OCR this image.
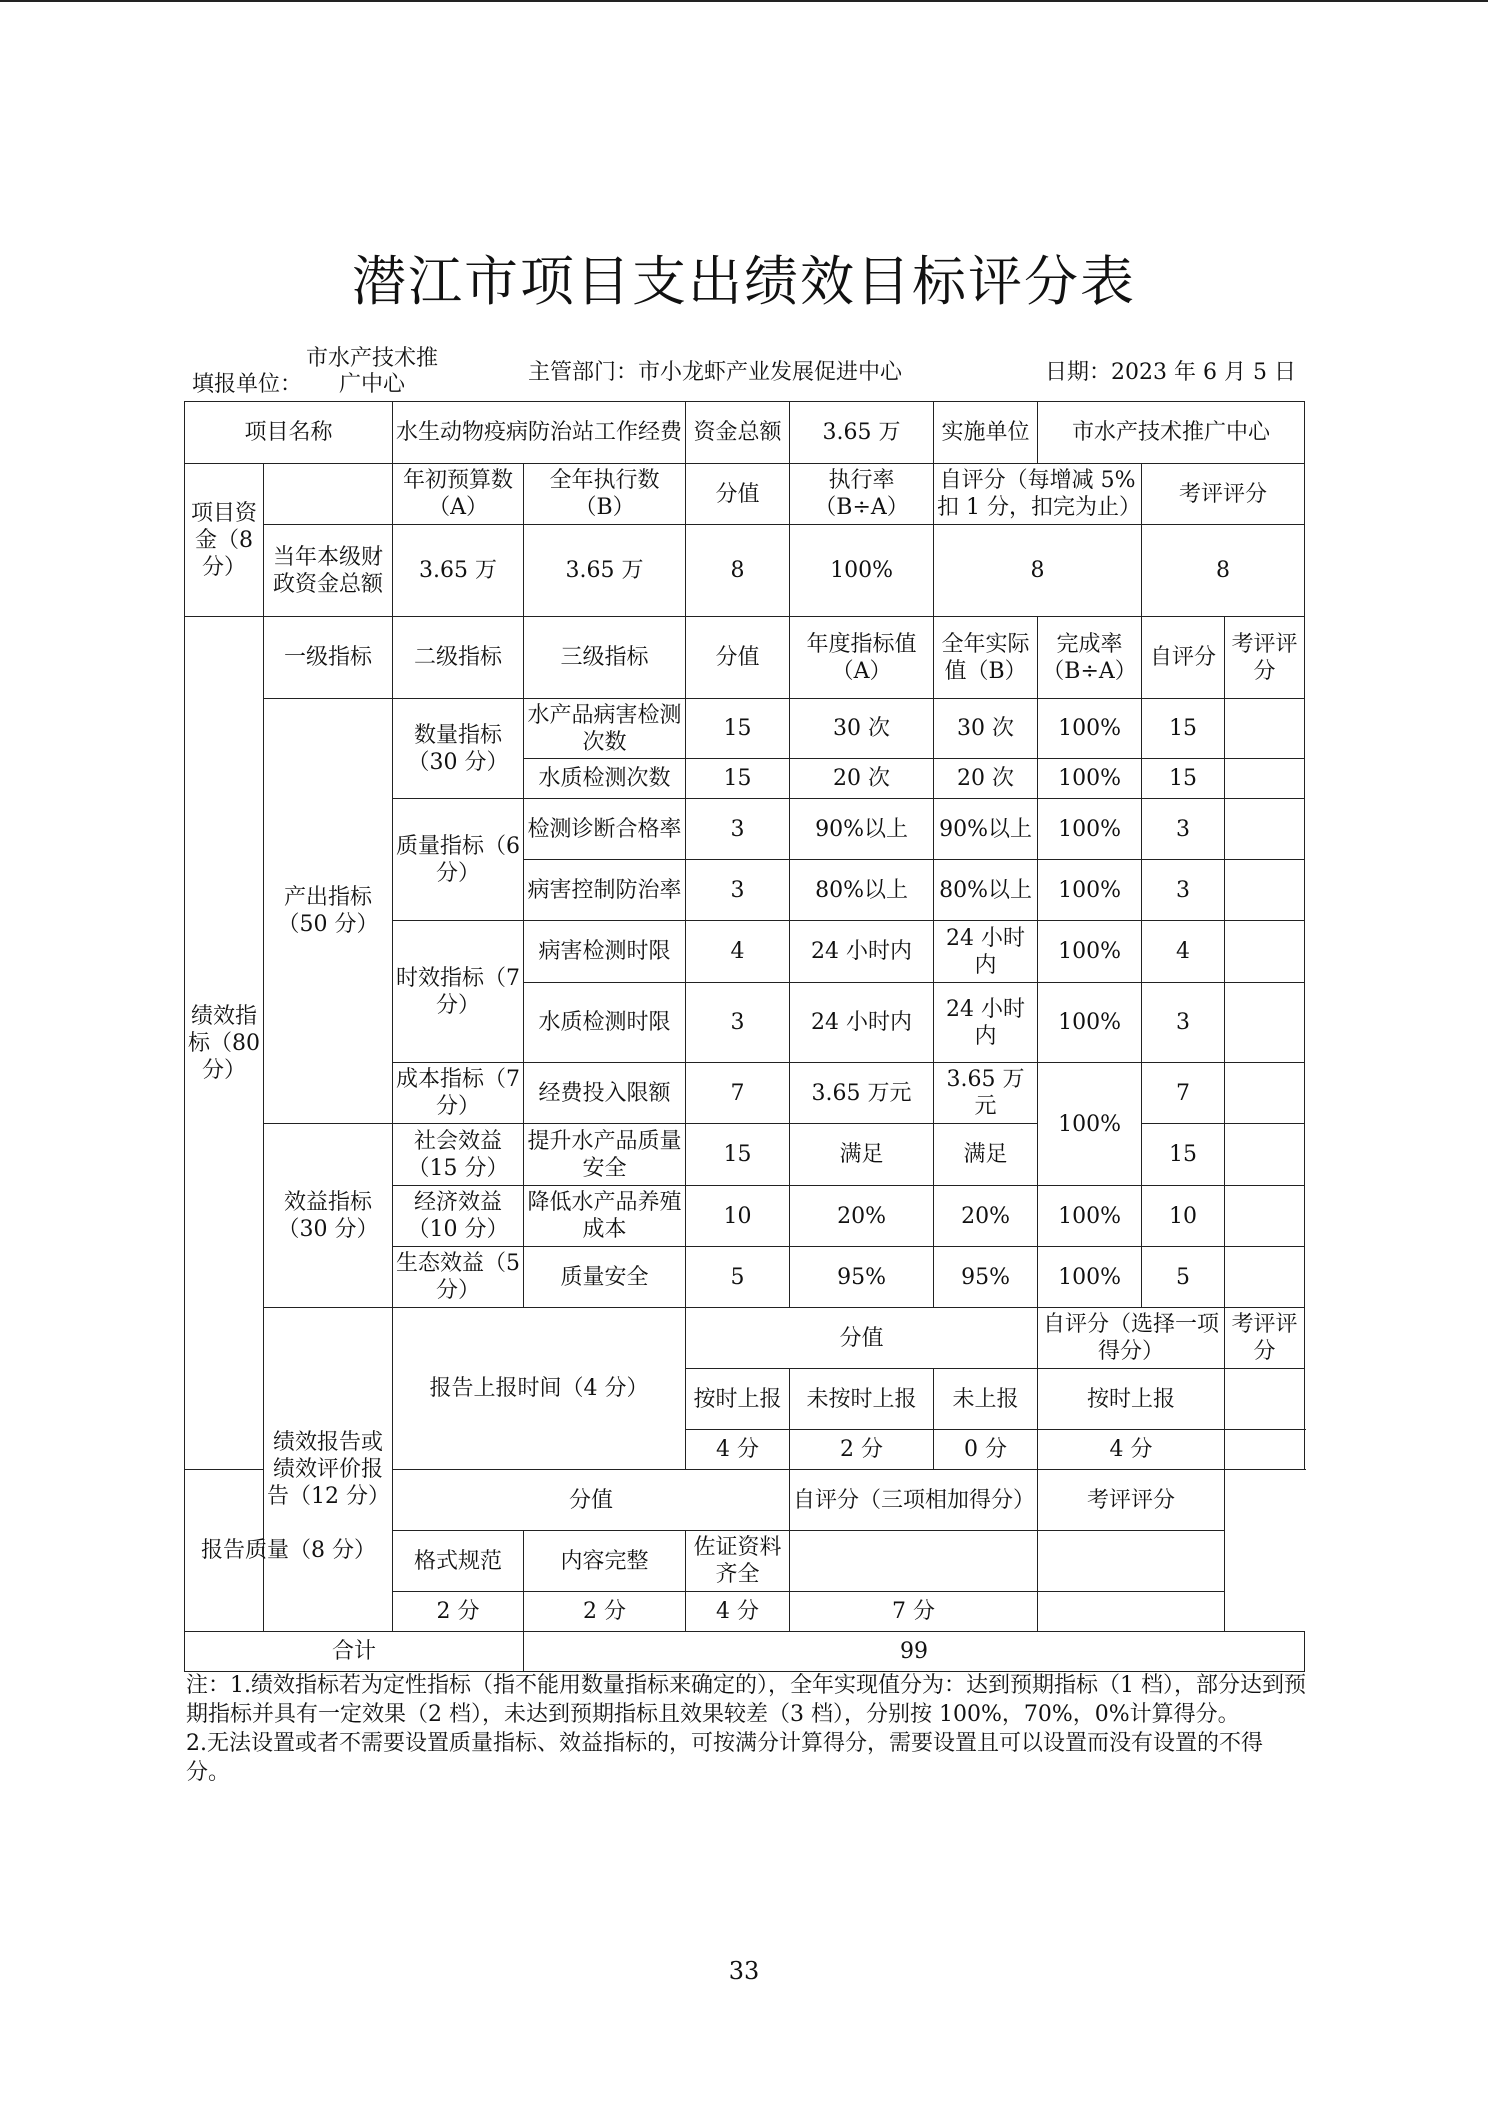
潜江市项目支出绩效目标评分表
填报单位：市水产技术推广中心	主管部门：市小龙虾产业发展促进中心	日期：2023 年 6 月 5 日
项目名称		水生动物疫病防治站工作经费		资金总额	3.65 万	实施单位	市水产技术推广中心			
项目资金（8 分）		年初预算数（A）	全年执行数（B）	分值	执行率（B÷A）	自评分（每增减 5%扣 1 分，扣完为止）		考评评分		
	当年本级财政资金总额	3.65 万	3.65 万	8	100%	8		8		
绩效指标（80 分）	一级指标	二级指标	三级指标	分值	年度指标值（A）	全年实际值（B）	完成率（B÷A）	自评分	考评评分	
	产出指标（50 分）	数量指标（30 分）	水产品病害检测次数	15	30 次	30 次	100%	15		
			水质检测次数	15	20 次	20 次	100%	15		
		质量指标（6 分）	检测诊断合格率	3	90%以上	90%以上	100%	3		
			病害控制防治率	3	80%以上	80%以上	100%	3		
		时效指标（7 分）	病害检测时限	4	24 小时内	24 小时内	100%	4		
			水质检测时限	3	24 小时内	24 小时内	100%	3		
		成本指标（7 分）	经费投入限额	7	3.65 万元	3.65 万元	100%	7		
	效益指标（30 分）	社会效益（15 分）	提升水产品质量安全	15	满足	满足		15		
		经济效益（10 分）	降低水产品养殖成本	10	20%	20%	100%	10		
		生态效益（5 分）	质量安全	5	95%	95%	100%	5		
	绩效报告或绩效评价报告（12 分）	报告上报时间（4 分）		分值			自评分（选择一项得分）		考评评分	
				按时上报	未按时上报	未上报	按时上报			
				4 分	2 分	0 分	4 分			
报告质量（8 分）		分值			自评分（三项相加得分）		考评评分			
		格式规范	内容完整	佐证资料齐全						
		2 分	2 分	4 分	7 分					
合计			99							

注：1.绩效指标若为定性指标（指不能用数量指标来确定的），全年实现值分为：达到预期指标（1 档），部分达到预期指标并具有一定效果（2 档），未达到预期指标且效果较差（3 档），分别按 100%，70%，0%计算得分。

2.无法设置或者不需要设置质量指标、效益指标的，可按满分计算得分，需要设置且可以设置而没有设置的不得分。

33
